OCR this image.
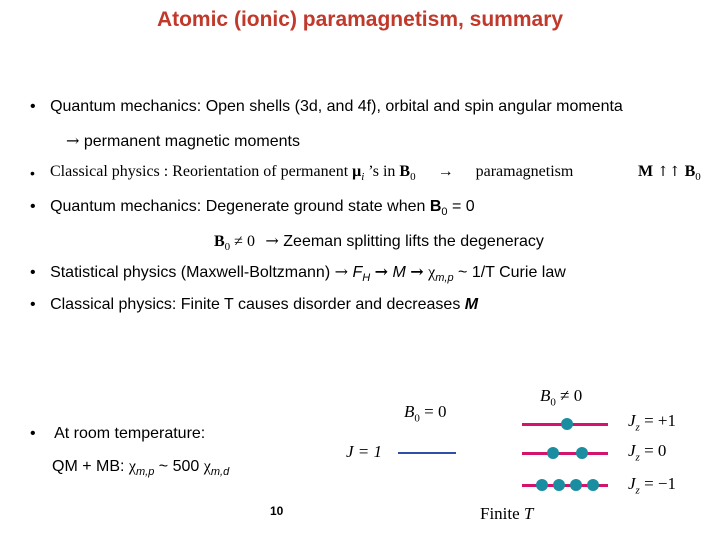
Atomic (ionic) paramagnetism, summary
• Quantum mechanics: Open shells (3d, and 4f), orbital and spin angular momenta
→ permanent magnetic moments
• Classical physics : Reorientation of permanent $\mu_i$ ’s in $B_0$ → paramagnetism	M ↑↑ $B_0$
• Quantum mechanics: Degenerate ground state when $B_0 = 0$
$B_0 \ne 0$ → Zeeman splitting lifts the degeneracy
• Statistical physics (Maxwell-Boltzmann) → $F_H \to M \to \chi_{m,p}$ ~ 1/T Curie law
• Classical physics: Finite T causes disorder and decreases M
• At room temperature:
QM + MB: $\chi_{m,p}$ ~ 500 $\chi_{m,d}$
10
$B_0 = 0$
$B_0 \ne 0$
J = 1
$J_z = +1$
$J_z = 0$
$J_z = -1$
Finite T
